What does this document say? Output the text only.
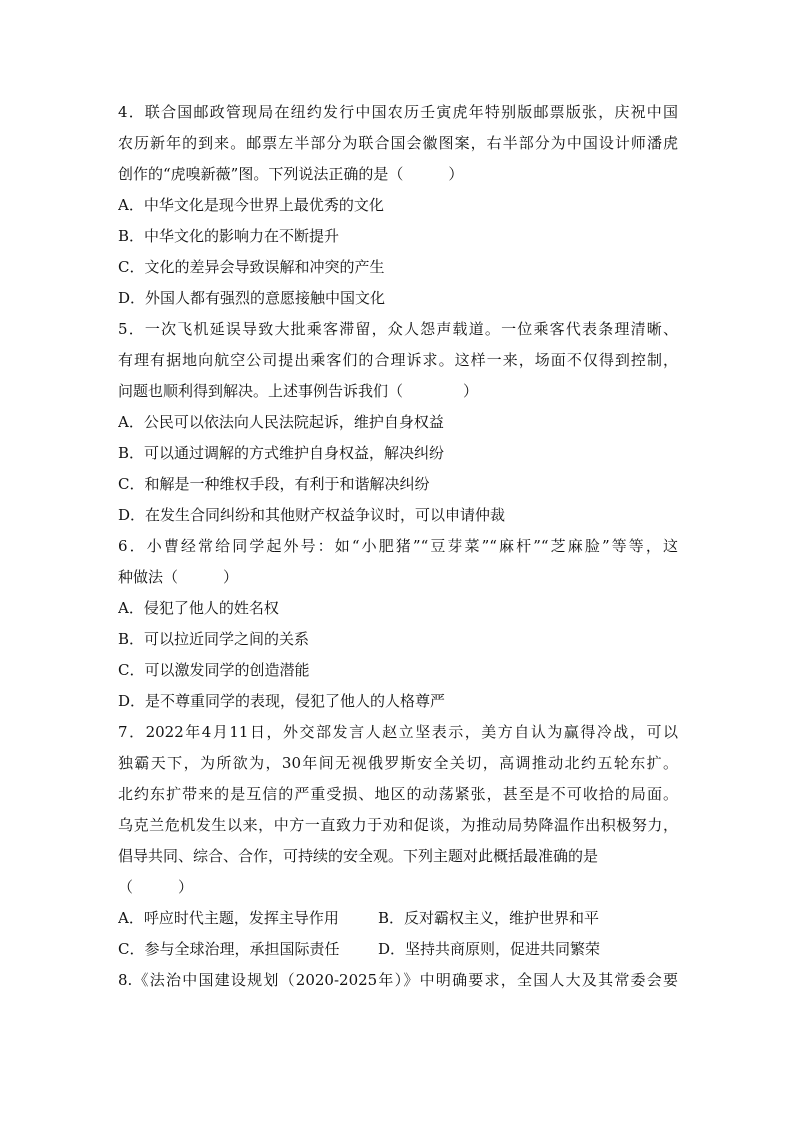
4．联合国邮政管现局在纽约发行中国农历壬寅虎年特别版邮票版张，庆祝中国
农历新年的到来。邮票左半部分为联合国会徽图案，右半部分为中国设计师潘虎
创作的“虎嗅新薇”图。下列说法正确的是（　　　）
A．中华文化是现今世界上最优秀的文化
B．中华文化的影响力在不断提升
C．文化的差异会导致误解和冲突的产生
D．外国人都有强烈的意愿接触中国文化
5．一次飞机延误导致大批乘客滞留，众人怨声载道。一位乘客代表条理清晰、
有理有据地向航空公司提出乘客们的合理诉求。这样一来，场面不仅得到控制，
问题也顺利得到解决。上述事例告诉我们（　　　　）
A．公民可以依法向人民法院起诉，维护自身权益
B．可以通过调解的方式维护自身权益，解决纠纷
C．和解是一种维权手段，有利于和谐解决纠纷
D．在发生合同纠纷和其他财产权益争议时，可以申请仲裁
6．小曹经常给同学起外号：如“小肥猪”“豆芽菜”“麻杆”“芝麻脸”等等，这
种做法（　　　）
A．侵犯了他人的姓名权
B．可以拉近同学之间的关系
C．可以激发同学的创造潜能
D．是不尊重同学的表现，侵犯了他人的人格尊严
7．2022年4月11日，外交部发言人赵立坚表示，美方自认为赢得冷战，可以
独霸天下，为所欲为，30年间无视俄罗斯安全关切，高调推动北约五轮东扩。
北约东扩带来的是互信的严重受损、地区的动荡紧张，甚至是不可收拾的局面。
乌克兰危机发生以来，中方一直致力于劝和促谈，为推动局势降温作出积极努力，
倡导共同、综合、合作，可持续的安全观。下列主题对此概括最准确的是
（　　　）
A．呼应时代主题，发挥主导作用	B．反对霸权主义，维护世界和平
C．参与全球治理，承担国际责任	D．坚持共商原则，促进共同繁荣
8.《法治中国建设规划（2020-2025年）》中明确要求，全国人大及其常委会要
